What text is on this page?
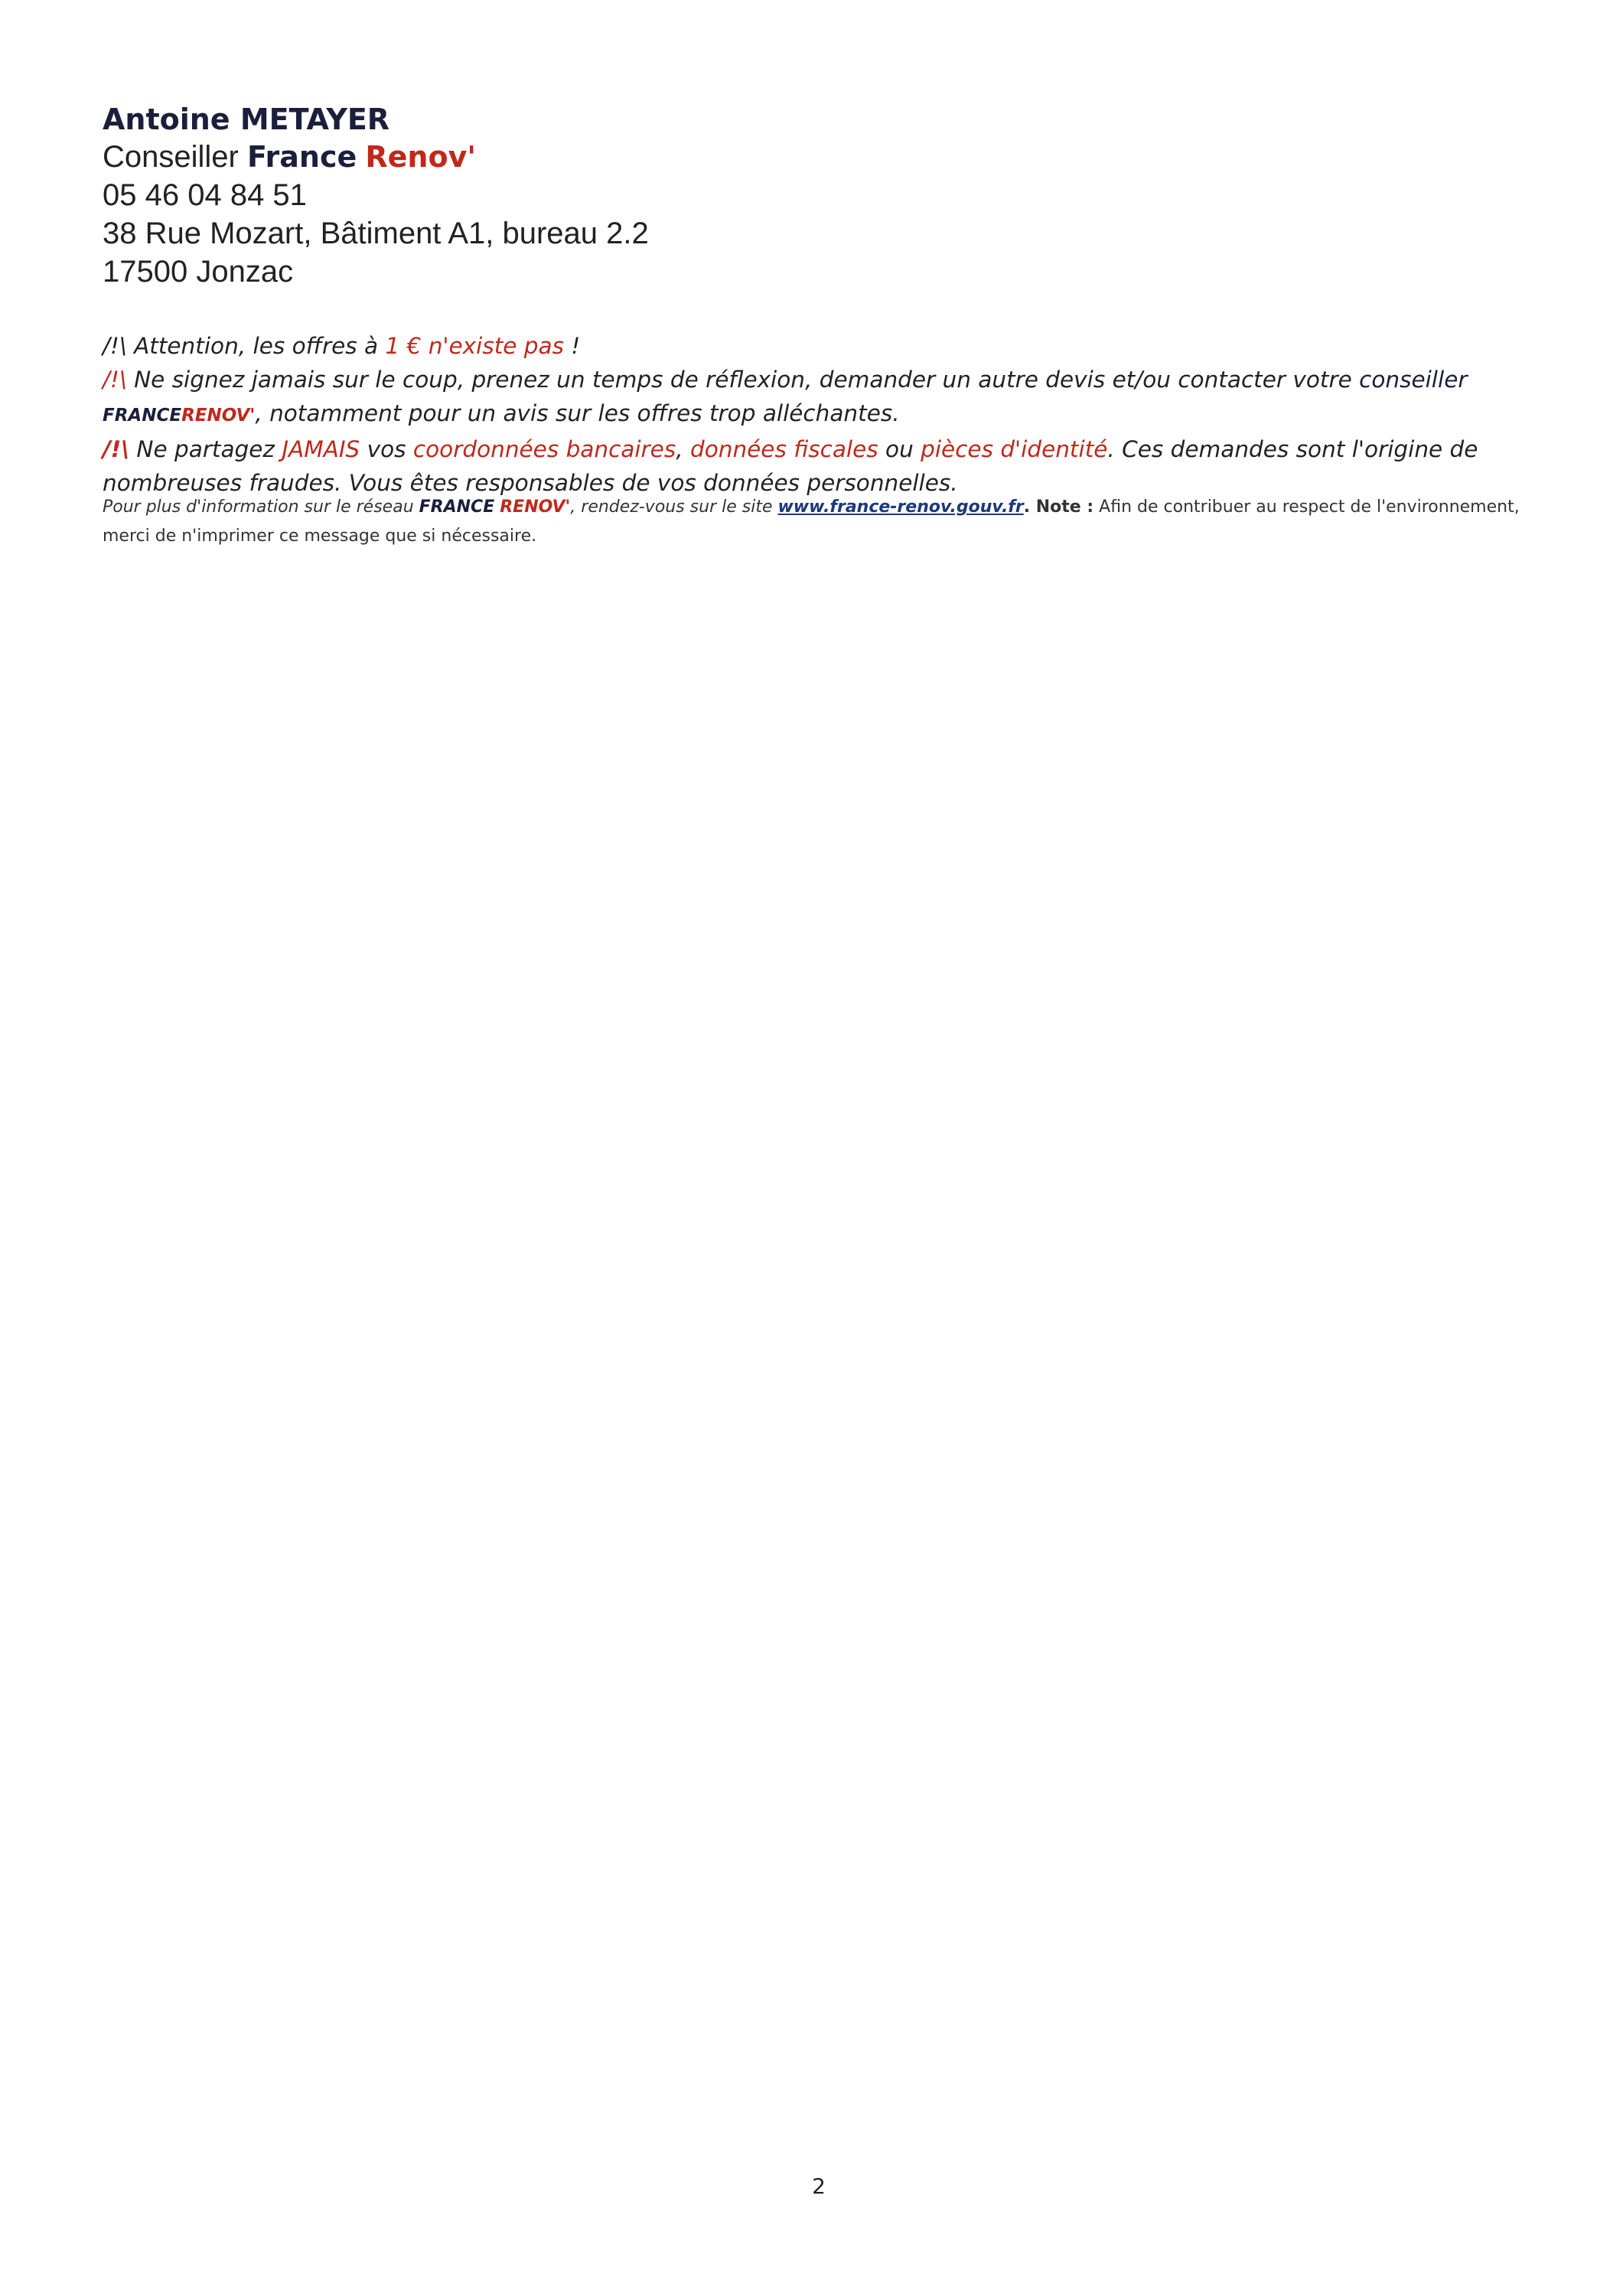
Antoine METAYER

Conseiller France Renov'

05 46 04 84 51

38 Rue Mozart, Bâtiment A1, bureau 2.2

17500 Jonzac

/!\ Attention, les offres à 1 € n'existe pas !

/!\ Ne signez jamais sur le coup, prenez un temps de réflexion, demander un autre devis et/ou contacter votre conseiller FRANCERENOV', notamment pour un avis sur les offres trop alléchantes.

/!\ Ne partagez JAMAIS vos coordonnées bancaires, données fiscales ou pièces d'identité. Ces demandes sont l'origine de nombreuses fraudes. Vous êtes responsables de vos données personnelles.

Pour plus d'information sur le réseau FRANCE RENOV', rendez-vous sur le site www.france-renov.gouv.fr. Note : Afin de contribuer au respect de l'environnement, merci de n'imprimer ce message que si nécessaire.
2
